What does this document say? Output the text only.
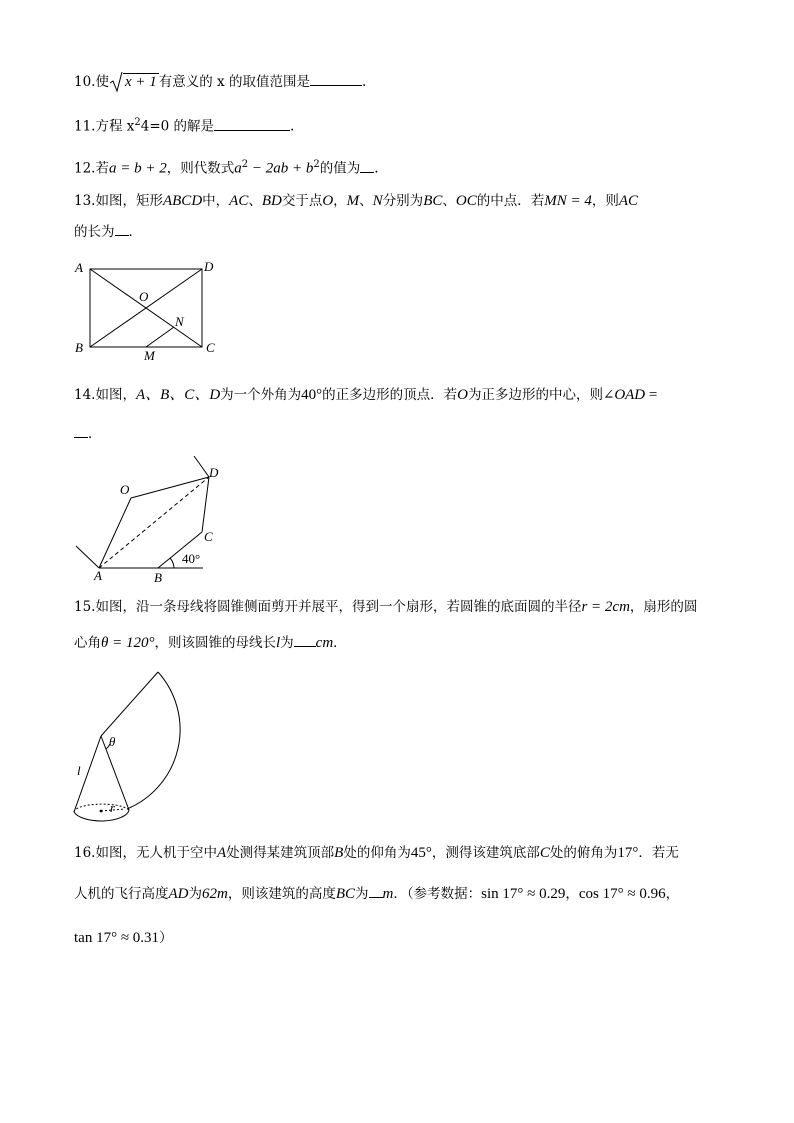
10.使 x + 1 有意义的 x 的取值范围是	.
11.方程 $x^24=0$ 的解是	.
12.若a = b + 2，则代数式$a^2 - 2ab + b^2$的值为 .
13.如图，矩形ABCD中，AC、BD交于点O，M、N分别为BC、OC的中点．若MN = 4，则AC
的长为 ．
A	D
O
N
B
M
C
14.如图，A、B、C、D为一个外角为40°的正多边形的顶点．若O为正多边形的中心，则∠OAD =
．
O
D
C
A	B
40°
15.如图，沿一条母线将圆锥侧面剪开并展平，得到一个扇形，若圆锥的底面圆的半径r = 2cm，扇形的圆
心角θ = 120°，则该圆锥的母线长l为 cm．
θ
l
r
16.如图，无人机于空中A处测得某建筑顶部B处的仰角为45°，测得该建筑底部C处的俯角为17°．若无
人机的飞行高度AD为62m，则该建筑的高度BC为 m．（参考数据：sin 17° ≈ 0.29，cos 17° ≈ 0.96，
tan 17° ≈ 0.31）
